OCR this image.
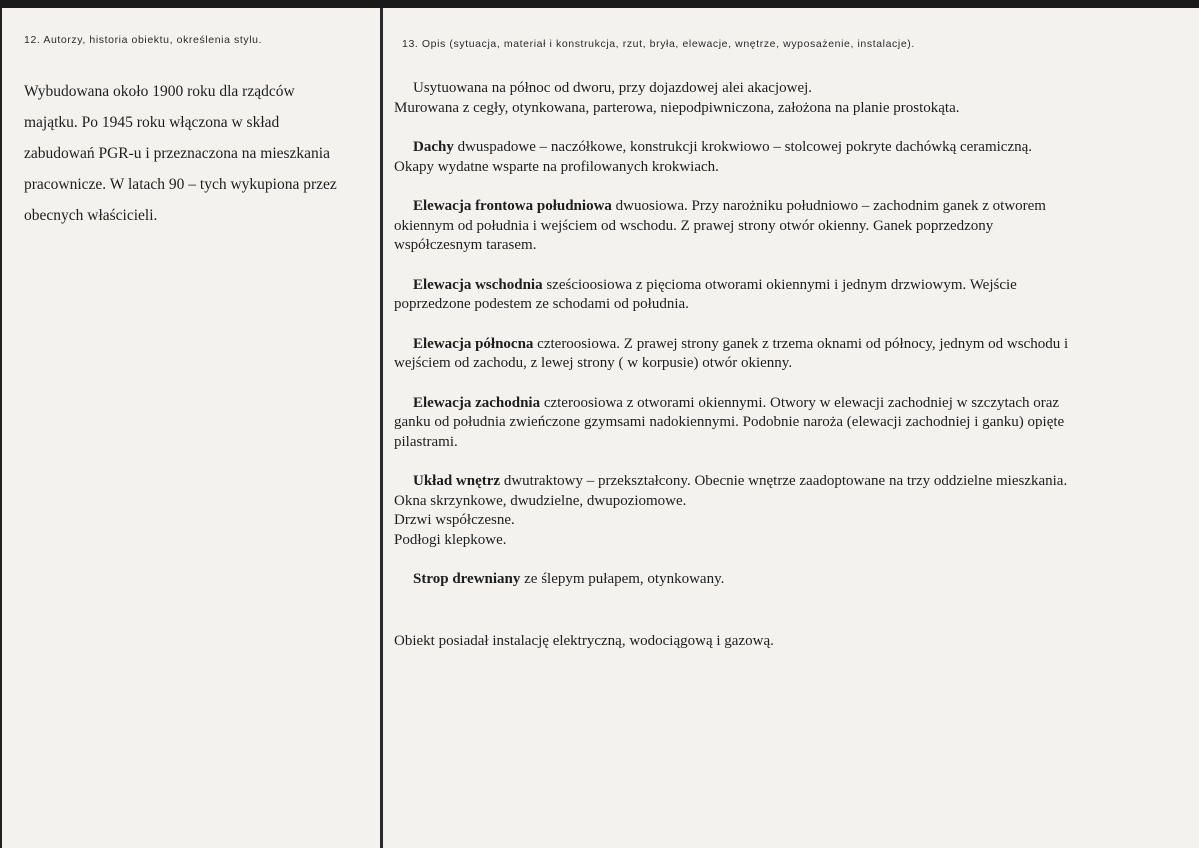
12. Autorzy, historia obiektu, określenia stylu.

Wybudowana około 1900 roku dla rządców
majątku. Po 1945 roku włączona w skład
zabudowań PGR-u i przeznaczona na mieszkania
pracownicze. W latach 90 – tych wykupiona przez
obecnych właścicieli.

13. Opis (sytuacja, materiał i konstrukcja, rzut, bryła, elewacje, wnętrze, wyposażenie, instalacje).

Usytuowana na północ od dworu, przy dojazdowej alei akacjowej.
Murowana z cegły, otynkowana, parterowa, niepodpiwniczona, założona na planie prostokąta.

Dachy dwuspadowe – naczółkowe, konstrukcji krokwiowo – stolcowej pokryte dachówką ceramiczną.
Okapy wydatne wsparte na profilowanych krokwiach.

Elewacja frontowa południowa dwuosiowa. Przy narożniku południowo – zachodnim ganek z otworem
okiennym od południa i wejściem od wschodu. Z prawej strony otwór okienny. Ganek poprzedzony
współczesnym tarasem.

Elewacja wschodnia sześcioosiowa z pięcioma otworami okiennymi i jednym drzwiowym. Wejście
poprzedzone podestem ze schodami od południa.

Elewacja północna czteroosiowa. Z prawej strony ganek z trzema oknami od północy, jednym od wschodu i
wejściem od zachodu, z lewej strony ( w korpusie) otwór okienny.

Elewacja zachodnia czteroosiowa z otworami okiennymi. Otwory w elewacji zachodniej w szczytach oraz
ganku od południa zwieńczone gzymsami nadokiennymi. Podobnie naroża (elewacji zachodniej i ganku) opięte
pilastrami.

Układ wnętrz dwutraktowy – przekształcony. Obecnie wnętrze zaadoptowane na trzy oddzielne mieszkania.
Okna skrzynkowe, dwudzielne, dwupoziomowe.
Drzwi współczesne.
Podłogi klepkowe.

Strop drewniany ze ślepym pułapem, otynkowany.

Obiekt posiadał instalację elektryczną, wodociągową i gazową.
